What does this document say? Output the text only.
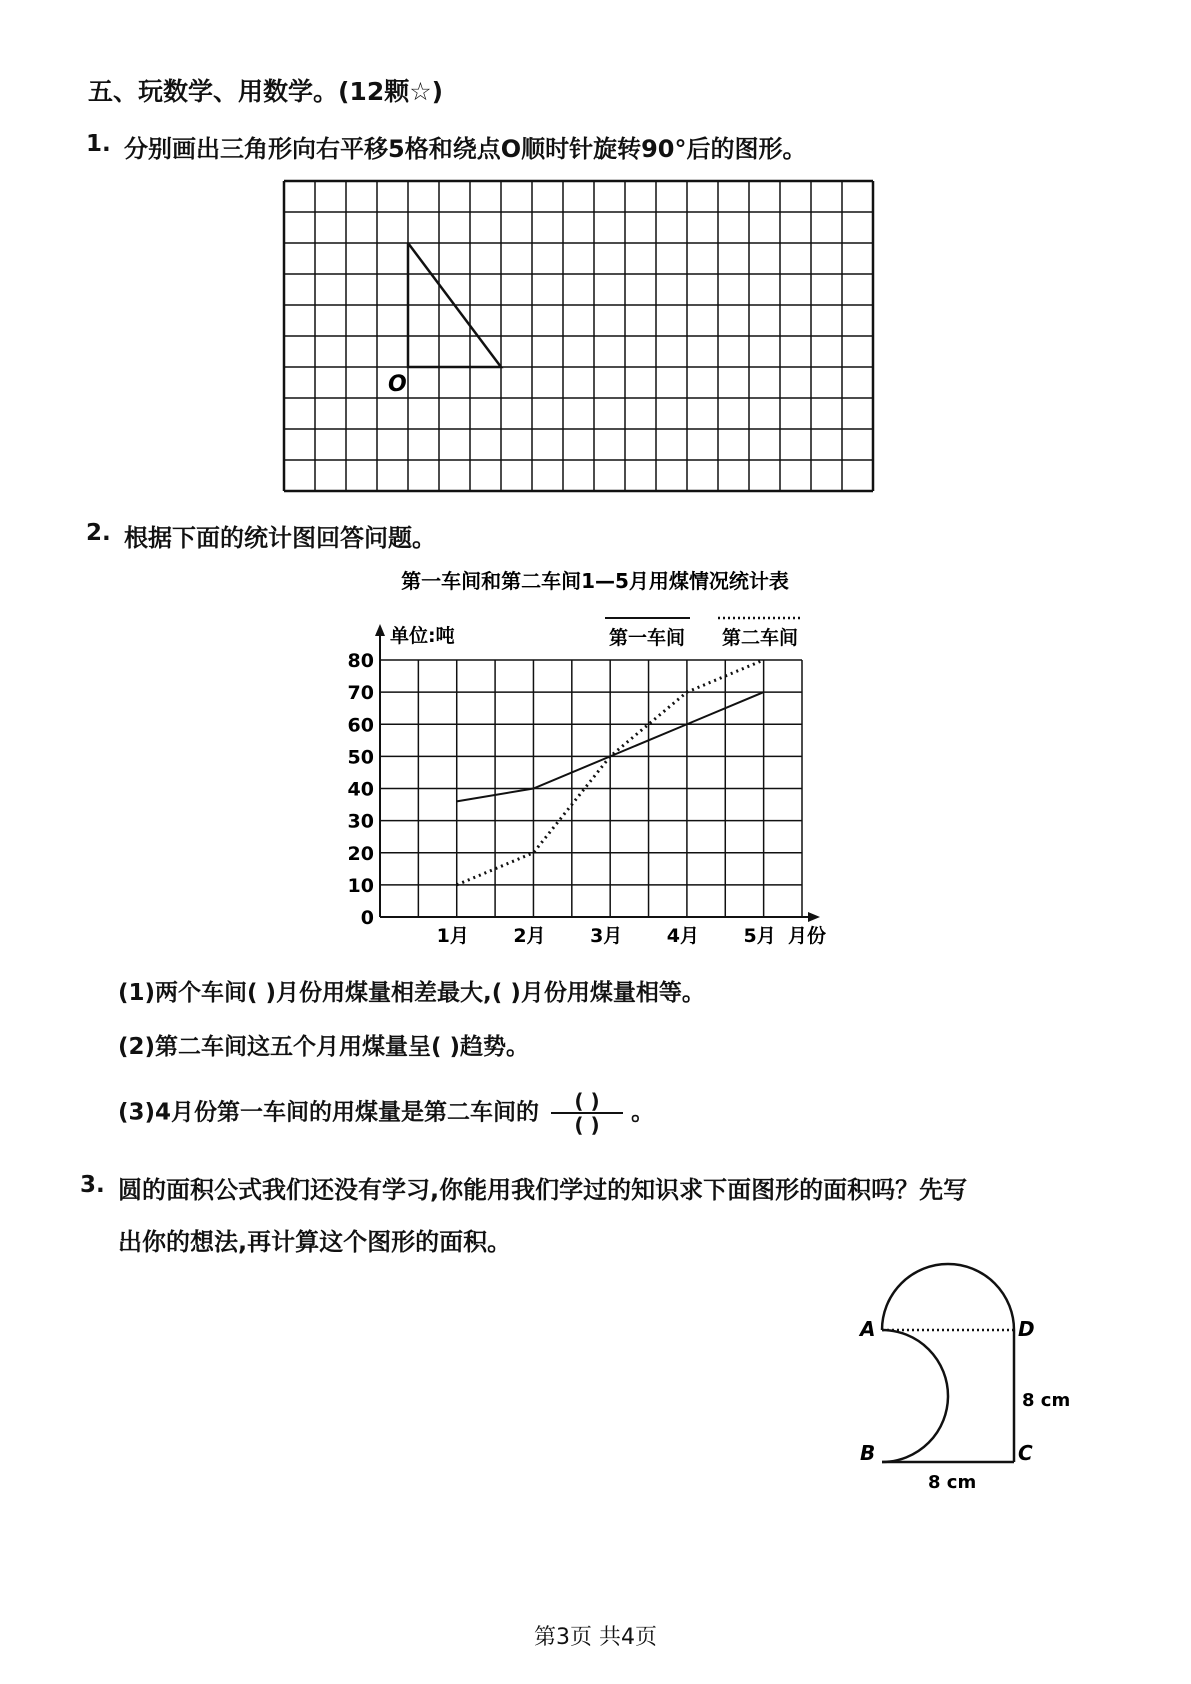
五、玩数学、用数学。(12颗☆)
1. 分别画出三角形向右平移5格和绕点O顺时针旋转90°后的图形。
O
2. 根据下面的统计图回答问题。
第一车间和第二车间1—5月用煤情况统计表
单位:吨	第一车间 第二车间
0
10
20
30
40
50
60
70
80
1月 2月 3月 4月 5月 月份
(1)两个车间( )月份用煤量相差最大,( )月份用煤量相等。
(2)第二车间这五个月用煤量呈( )趋势。
(3)4月份第一车间的用煤量是第二车间的 $\frac{( )}{( )}$ 。
3. 圆的面积公式我们还没有学习,你能用我们学过的知识求下面图形的面积吗？先写
出你的想法,再计算这个图形的面积。
A	D
B	C
8 cm
8 cm
第3页 共4页
